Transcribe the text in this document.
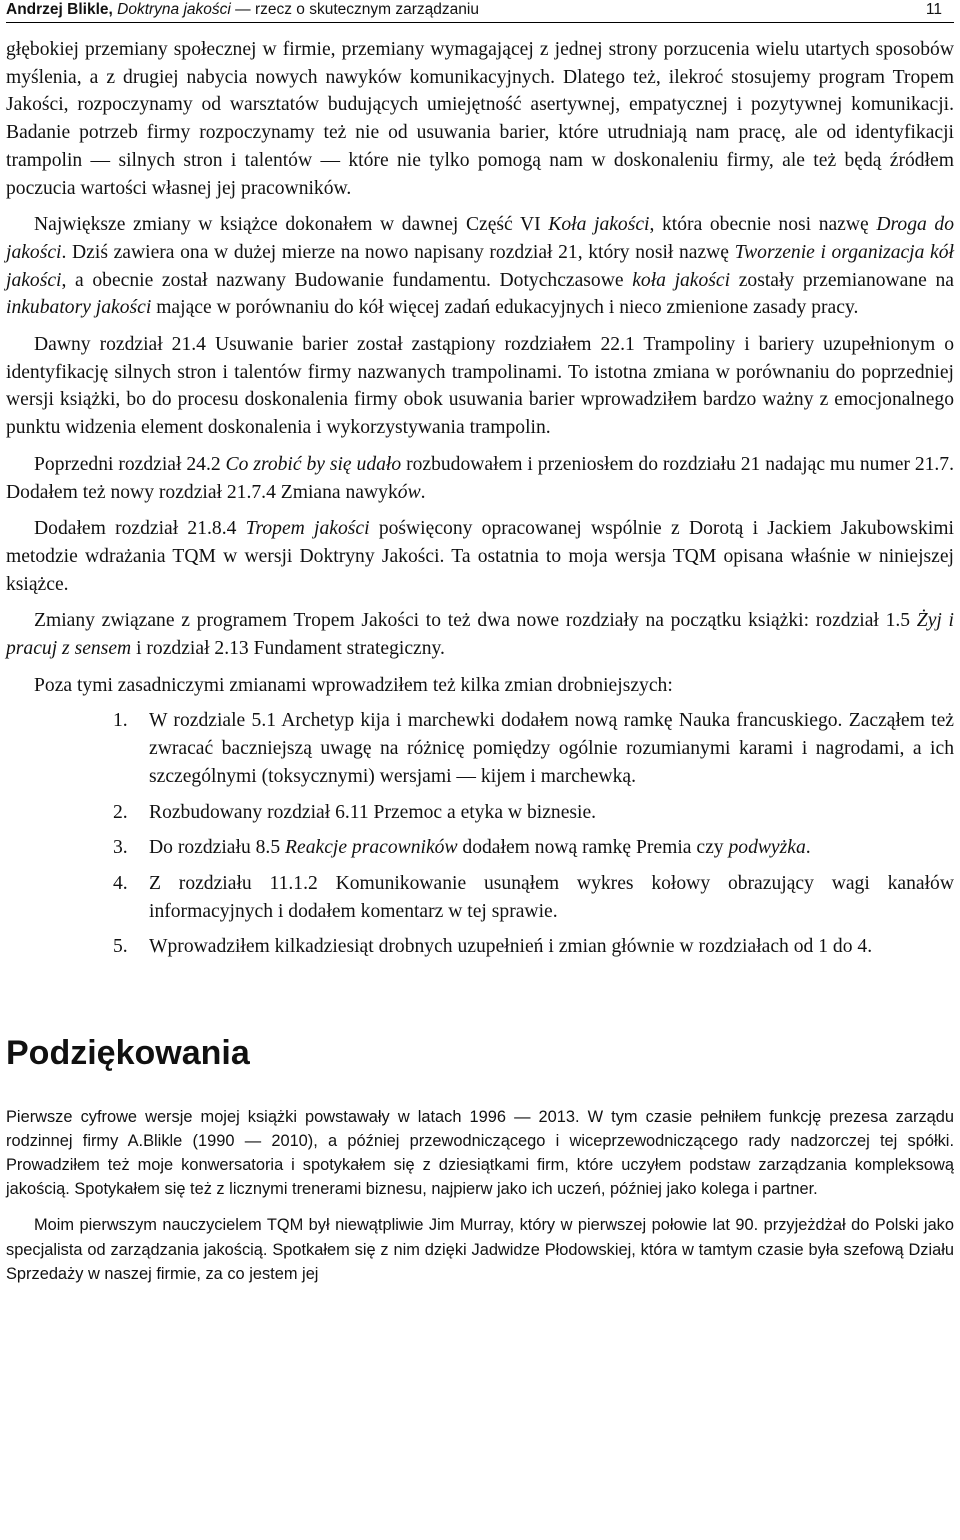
Andrzej Blikle, Doktryna jakości — rzecz o skutecznym zarządzaniu	11

głębokiej przemiany społecznej w firmie, przemiany wymagającej z jednej strony porzucenia wielu utartych sposobów myślenia, a z drugiej nabycia nowych nawyków komunikacyjnych. Dlatego też, ilekroć stosujemy program Tropem Jakości, rozpoczynamy od warsztatów budujących umiejętność asertywnej, empatycznej i pozytywnej komunikacji. Badanie potrzeb firmy rozpoczynamy też nie od usuwania barier, które utrudniają nam pracę, ale od identyfikacji trampolin — silnych stron i talentów — które nie tylko pomogą nam w doskonaleniu firmy, ale też będą źródłem poczucia wartości własnej jej pracowników.

Największe zmiany w książce dokonałem w dawnej Część VI Koła jakości, która obecnie nosi nazwę Droga do jakości. Dziś zawiera ona w dużej mierze na nowo napisany rozdział 21, który nosił nazwę Tworzenie i organizacja kół jakości, a obecnie został nazwany Budowanie fundamentu. Dotychczasowe koła jakości zostały przemianowane na inkubatory jakości mające w porównaniu do kół więcej zadań edukacyjnych i nieco zmienione zasady pracy.

Dawny rozdział 21.4 Usuwanie barier został zastąpiony rozdziałem 22.1 Trampoliny i bariery uzupełnionym o identyfikację silnych stron i talentów firmy nazwanych trampolinami. To istotna zmiana w porównaniu do poprzedniej wersji książki, bo do procesu doskonalenia firmy obok usuwania barier wprowadziłem bardzo ważny z emocjonalnego punktu widzenia element doskonalenia i wykorzystywania trampolin.

Poprzedni rozdział 24.2 Co zrobić by się udało rozbudowałem i przeniosłem do rozdziału 21 nadając mu numer 21.7. Dodałem też nowy rozdział 21.7.4 Zmiana nawyków.

Dodałem rozdział 21.8.4 Tropem jakości poświęcony opracowanej wspólnie z Dorotą i Jackiem Jakubowskimi metodzie wdrażania TQM w wersji Doktryny Jakości. Ta ostatnia to moja wersja TQM opisana właśnie w niniejszej książce.

Zmiany związane z programem Tropem Jakości to też dwa nowe rozdziały na początku książki: rozdział 1.5 Żyj i pracuj z sensem i rozdział 2.13 Fundament strategiczny.

Poza tymi zasadniczymi zmianami wprowadziłem też kilka zmian drobniejszych:

1. W rozdziale 5.1 Archetyp kija i marchewki dodałem nową ramkę Nauka francuskiego. Zacząłem też zwracać baczniejszą uwagę na różnicę pomiędzy ogólnie rozumianymi karami i nagrodami, a ich szczególnymi (toksycznymi) wersjami — kijem i marchewką.
2. Rozbudowany rozdział 6.11 Przemoc a etyka w biznesie.
3. Do rozdziału 8.5 Reakcje pracowników dodałem nową ramkę Premia czy podwyżka.
4. Z rozdziału 11.1.2 Komunikowanie usunąłem wykres kołowy obrazujący wagi kanałów informacyjnych i dodałem komentarz w tej sprawie.
5. Wprowadziłem kilkadziesiąt drobnych uzupełnień i zmian głównie w rozdziałach od 1 do 4.
Podziękowania

Pierwsze cyfrowe wersje mojej książki powstawały w latach 1996 — 2013. W tym czasie pełniłem funkcję prezesa zarządu rodzinnej firmy A.Blikle (1990 — 2010), a później przewodniczącego i wiceprzewodniczącego rady nadzorczej tej spółki. Prowadziłem też moje konwersatoria i spotykałem się z dziesiątkami firm, które uczyłem podstaw zarządzania kompleksową jakością. Spotykałem się też z licznymi trenerami biznesu, najpierw jako ich uczeń, później jako kolega i partner.

Moim pierwszym nauczycielem TQM był niewątpliwie Jim Murray, który w pierwszej połowie lat 90. przyjeżdżał do Polski jako specjalista od zarządzania jakością. Spotkałem się z nim dzięki Jadwidze Płodowskiej, która w tamtym czasie była szefową Działu Sprzedaży w naszej firmie, za co jestem jej
